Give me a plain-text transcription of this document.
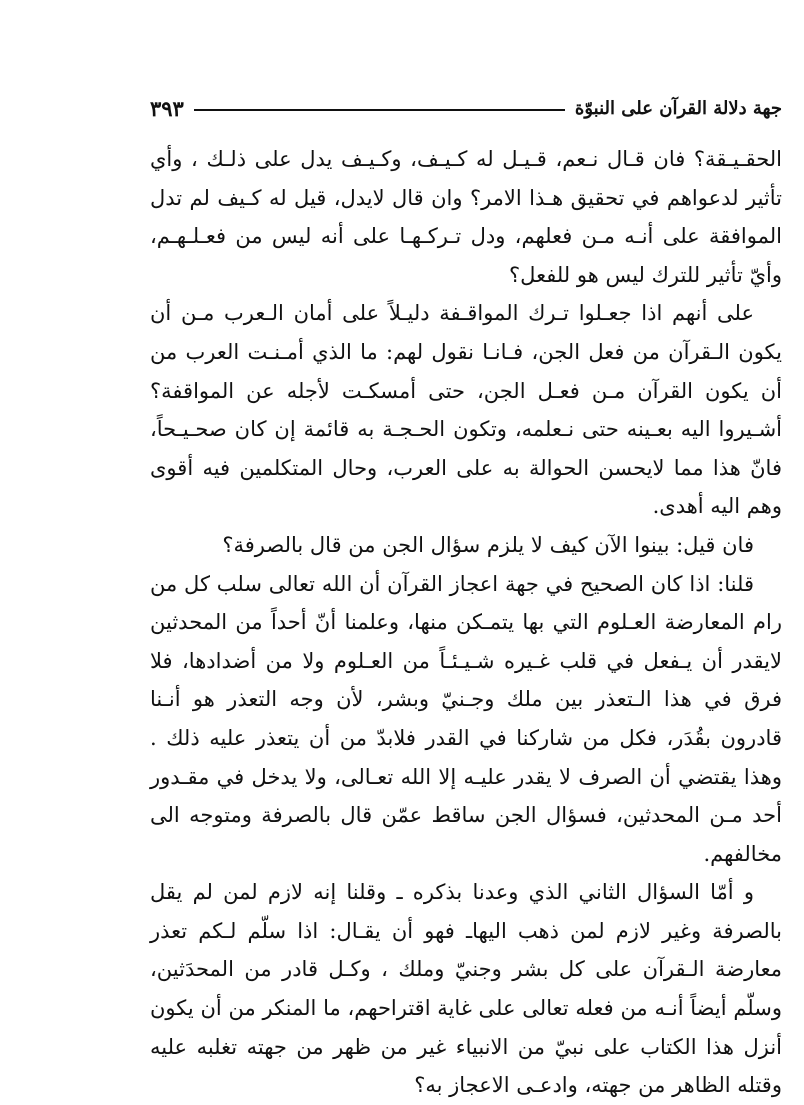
٣٩٣	جهة دلالة القرآن على النبوّة

الحقـيـقة؟ فان قـال نـعم، قـيـل له كـيـف، وكـيـف يدل على ذلـك ، وأي تأثير لدعواهم في تحقيق هـذا الامر؟ وان قال لايدل، قيل له كـيف لم تدل الموافقة على أنـه مـن فعلهم، ودل تـركـهـا على أنه ليس من فعـلـهـم، وأيّ تأثير للترك ليس هو للفعل؟

على أنهم اذا جعـلوا تـرك المواقـفة دليـلاً على أمان الـعرب مـن أن يكون الـقرآن من فعل الجن، فـانـا نقول لهم: ما الذي أمـنـت العرب من أن يكون القرآن مـن فعـل الجن، حتى أمسكـت لأجله عن المواقفة؟ أشـيروا اليه بعـينه حتى نـعلمه، وتكون الحـجـة به قائمة إن كان صحـيـحاً، فانّ هذا مما لايحسن الحوالة به على العرب، وحال المتكلمين فيه أقوى وهم اليه أهدى.

فان قيل: بينوا الآن كيف لا يلزم سؤال الجن من قال بالصرفة؟

قلنا: اذا كان الصحيح في جهة اعجاز القرآن أن الله تعالى سلب كل من رام المعارضة العـلوم التي بها يتمـكن منها، وعلمنا أنّ أحداً من المحدثين لايقدر أن يـفعل في قلب غـيره شـيـئـاً من العـلوم ولا من أضدادها، فلا فرق في هذا الـتعذر بين ملك وجـنيّ وبشر، لأن وجه التعذر هو أنـنا قادرون بقُدَر، فكل من شاركنا في القدر فلابدّ من أن يتعذر عليه ذلك . وهذا يقتضي أن الصرف لا يقدر عليـه إلا الله تعـالى، ولا يدخل في مقـدور أحد مـن المحدثين، فسؤال الجن ساقط عمّن قال بالصرفة ومتوجه الى مخالفهم.

و أمّا السؤال الثاني الذي وعدنا بذكره ـ وقلنا إنه لازم لمن لم يقل بالصرفة وغير لازم لمن ذهب اليهاـ فهو أن يقـال: اذا سلّم لـكم تعذر معارضة الـقرآن على كل بشر وجنيّ وملك ، وكـل قادر من المحدَثين، وسلّم أيضاً أنـه من فعله تعالى على غاية اقتراحهم، ما المنكر من أن يكون أنزل هذا الكتاب على نبيّ من الانبياء غير من ظهر من جهته تغلبه عليه وقتله الظاهر من جهته، وادعـى الاعجاز به؟
